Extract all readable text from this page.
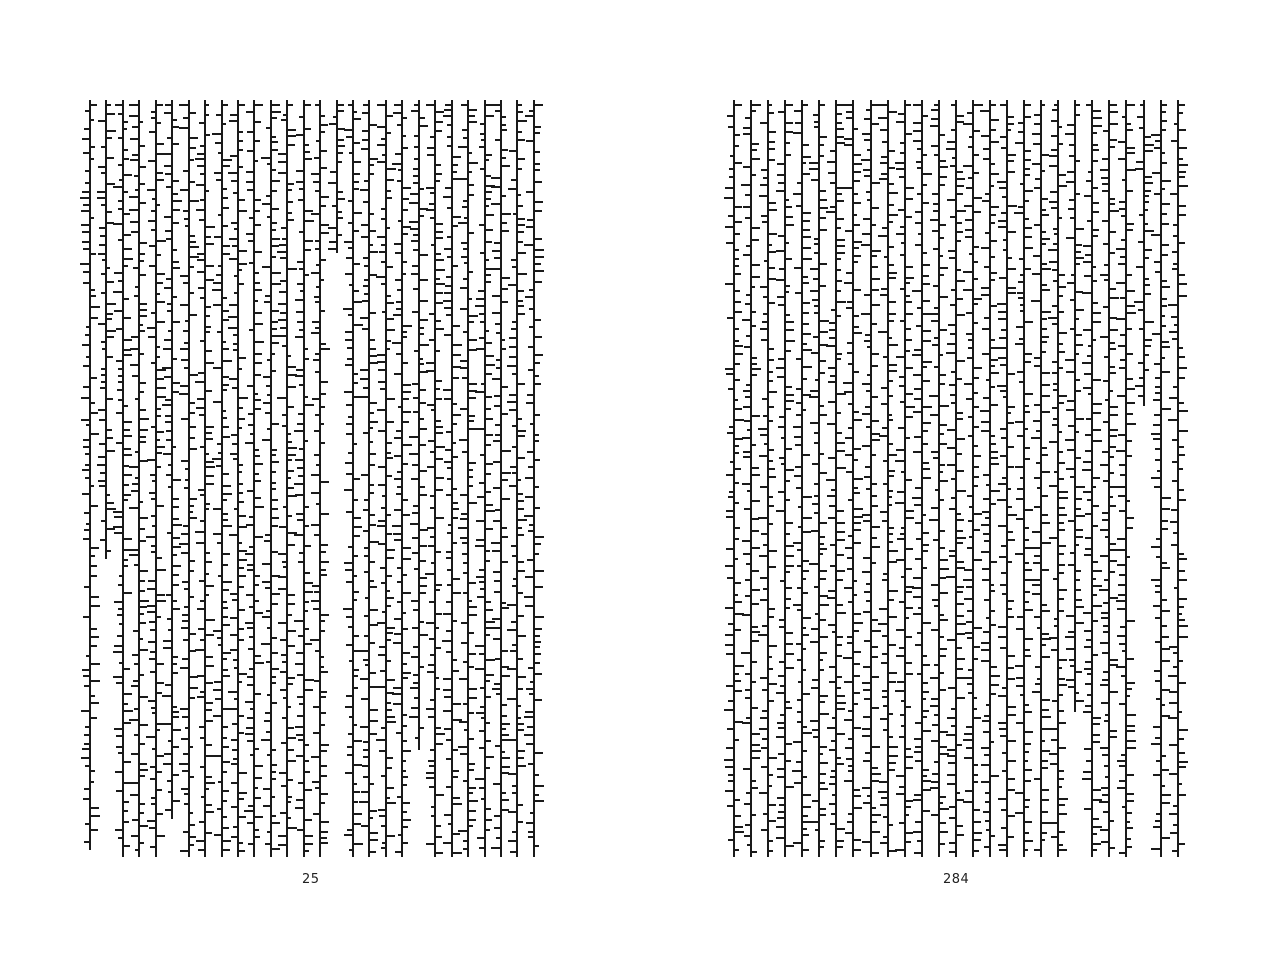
25	284
